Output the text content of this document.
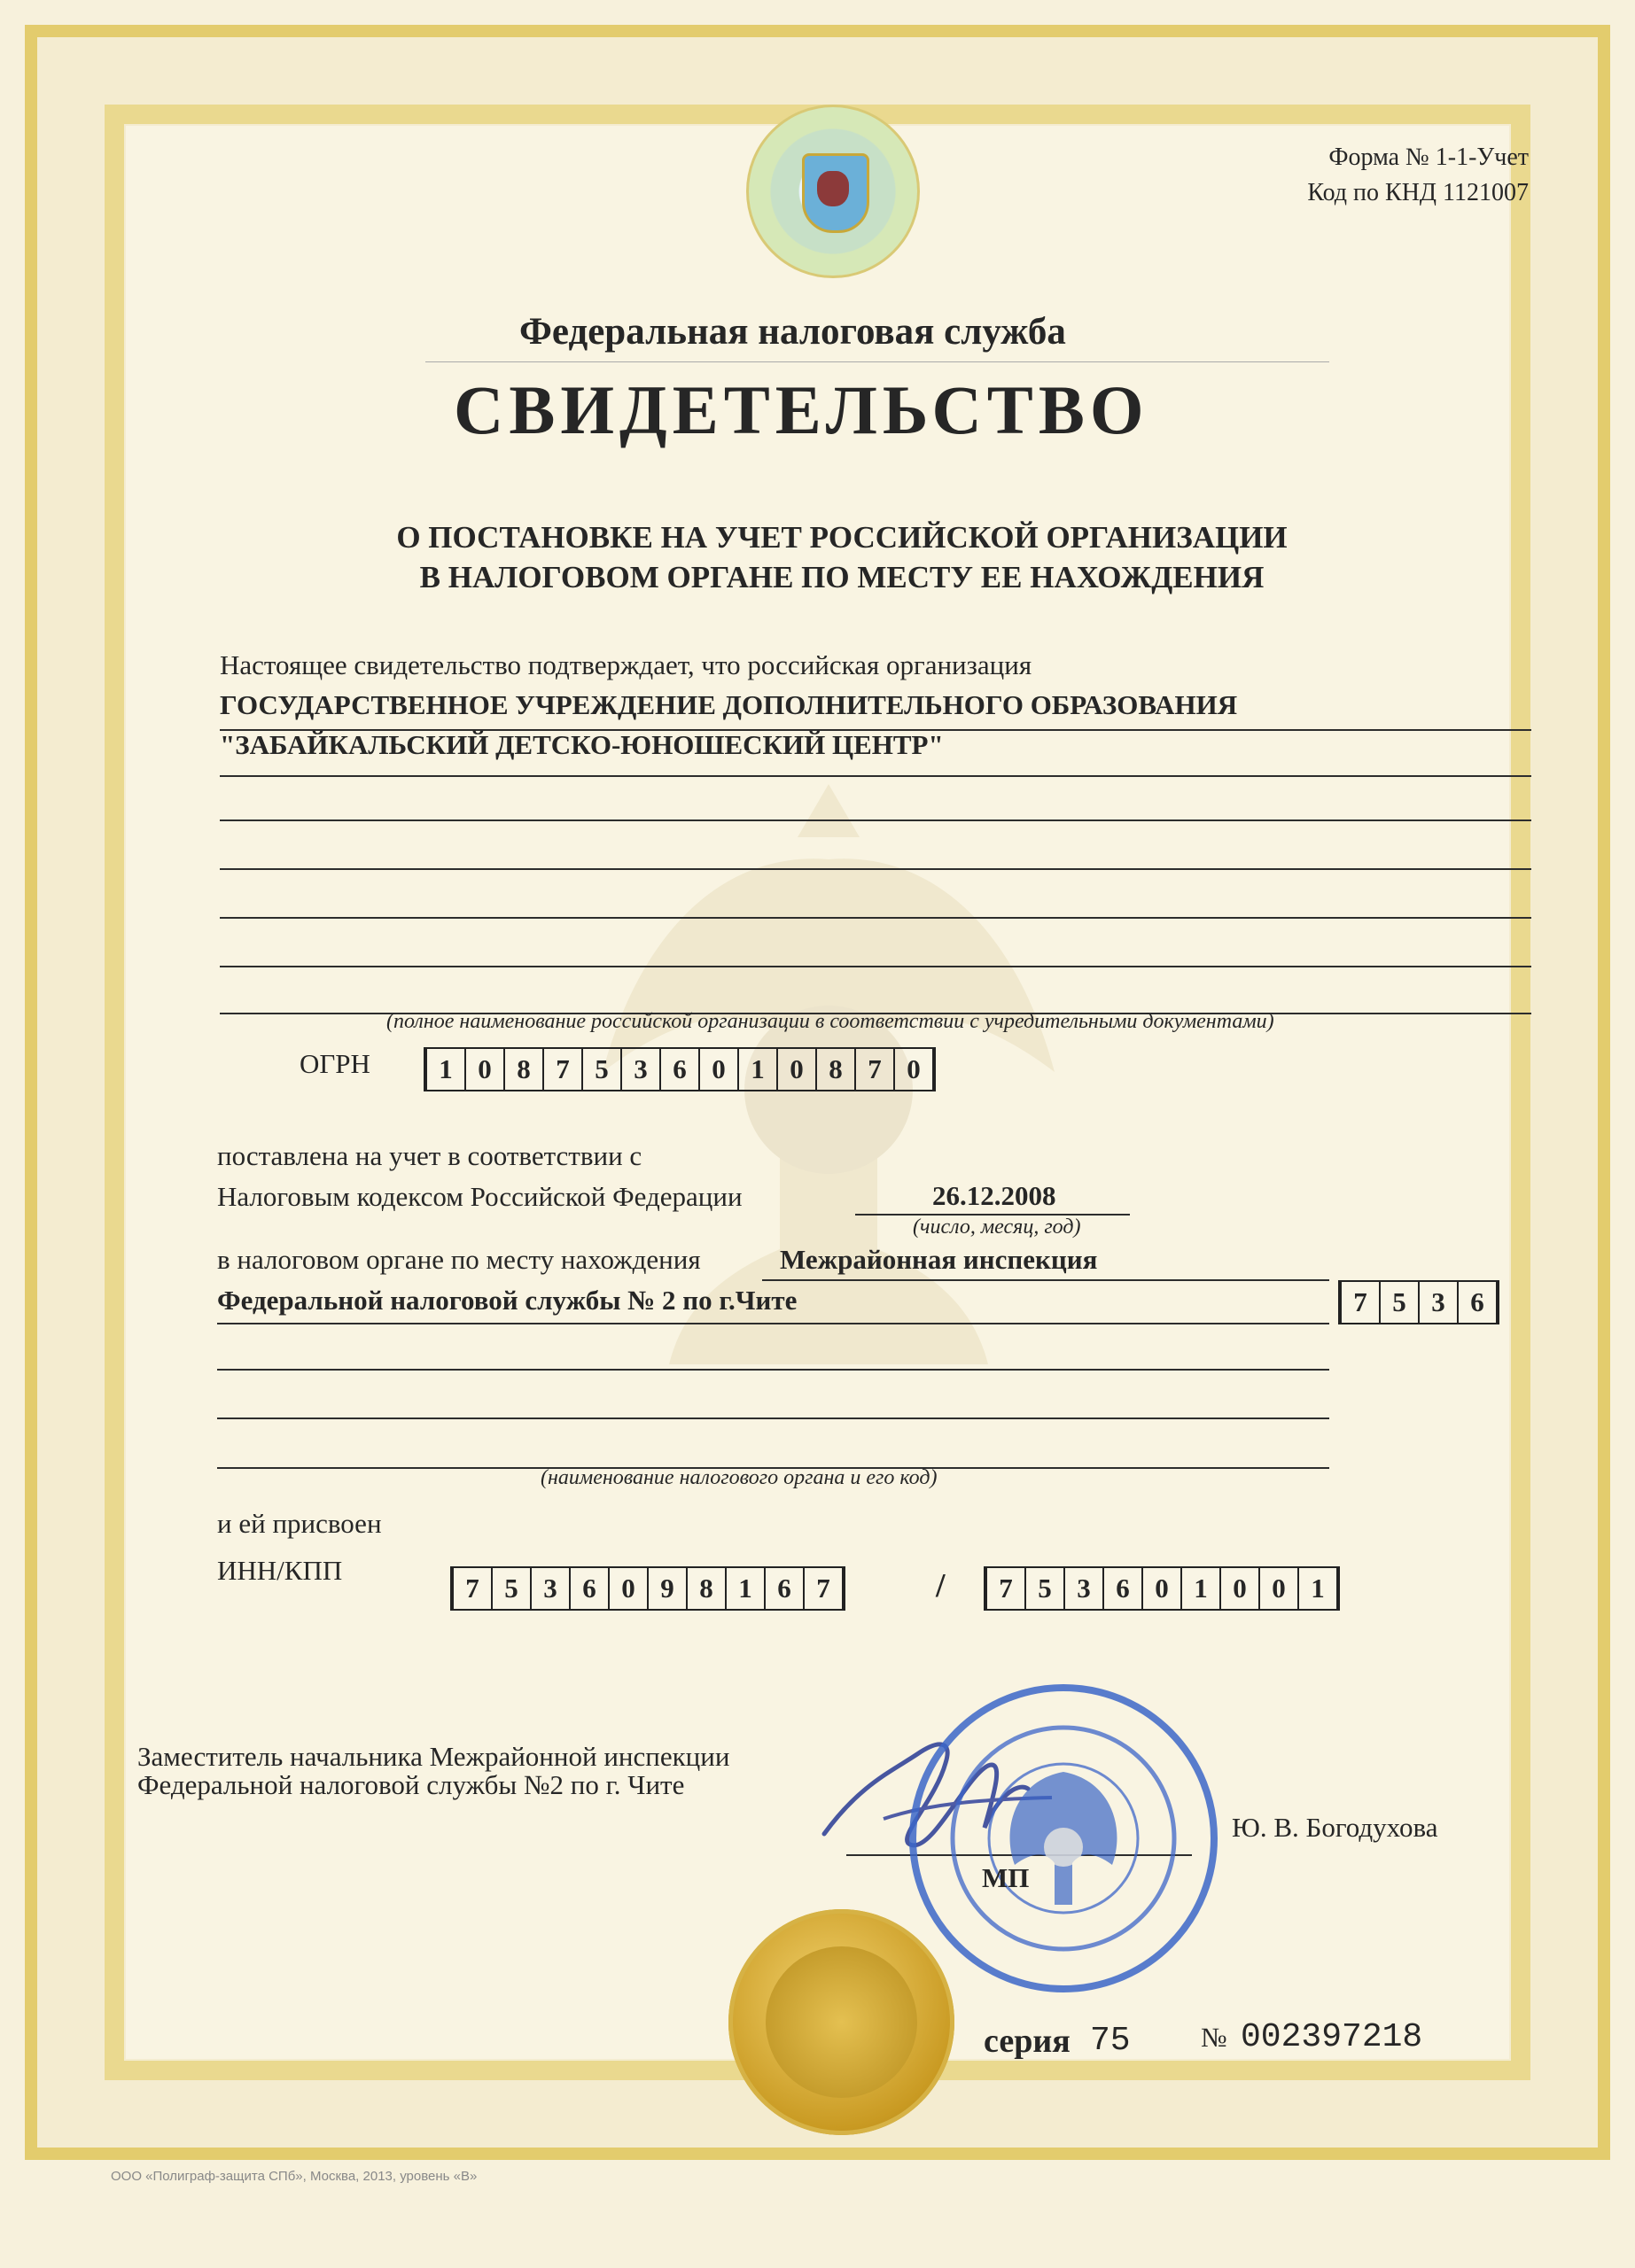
Форма № 1-1-Учет
Код по КНД 1121007
Федеральная налоговая служба
СВИДЕТЕЛЬСТВО
О ПОСТАНОВКЕ НА УЧЕТ РОССИЙСКОЙ ОРГАНИЗАЦИИ
В НАЛОГОВОМ ОРГАНЕ ПО МЕСТУ ЕЕ НАХОЖДЕНИЯ
Настоящее свидетельство подтверждает, что российская организация
ГОСУДАРСТВЕННОЕ УЧРЕЖДЕНИЕ ДОПОЛНИТЕЛЬНОГО ОБРАЗОВАНИЯ
"ЗАБАЙКАЛЬСКИЙ ДЕТСКО-ЮНОШЕСКИЙ ЦЕНТР"
(полное наименование российской организации в соответствии с учредительными документами)
ОГРН	1 0 8 7 5 3 6 0 1 0 8 7 0
поставлена на учет в соответствии с
Налоговым кодексом Российской Федерации	26.12.2008
(число, месяц, год)
в налоговом органе по месту нахождения	Межрайонная инспекция
Федеральной налоговой службы № 2 по г.Чите	7 5 3 6
(наименование налогового органа и его код)
и ей присвоен
ИНН/КПП
7 5 3 6 0 9 8 1 6 7	/	7 5 3 6 0 1 0 0 1
Заместитель начальника Межрайонной инспекции
Федеральной налоговой службы №2 по г. Чите
Ю. В. Богодухова
МП
серия 75	№ 002397218
ООО «Полиграф-защита СПб», Москва, 2013, уровень «В»
